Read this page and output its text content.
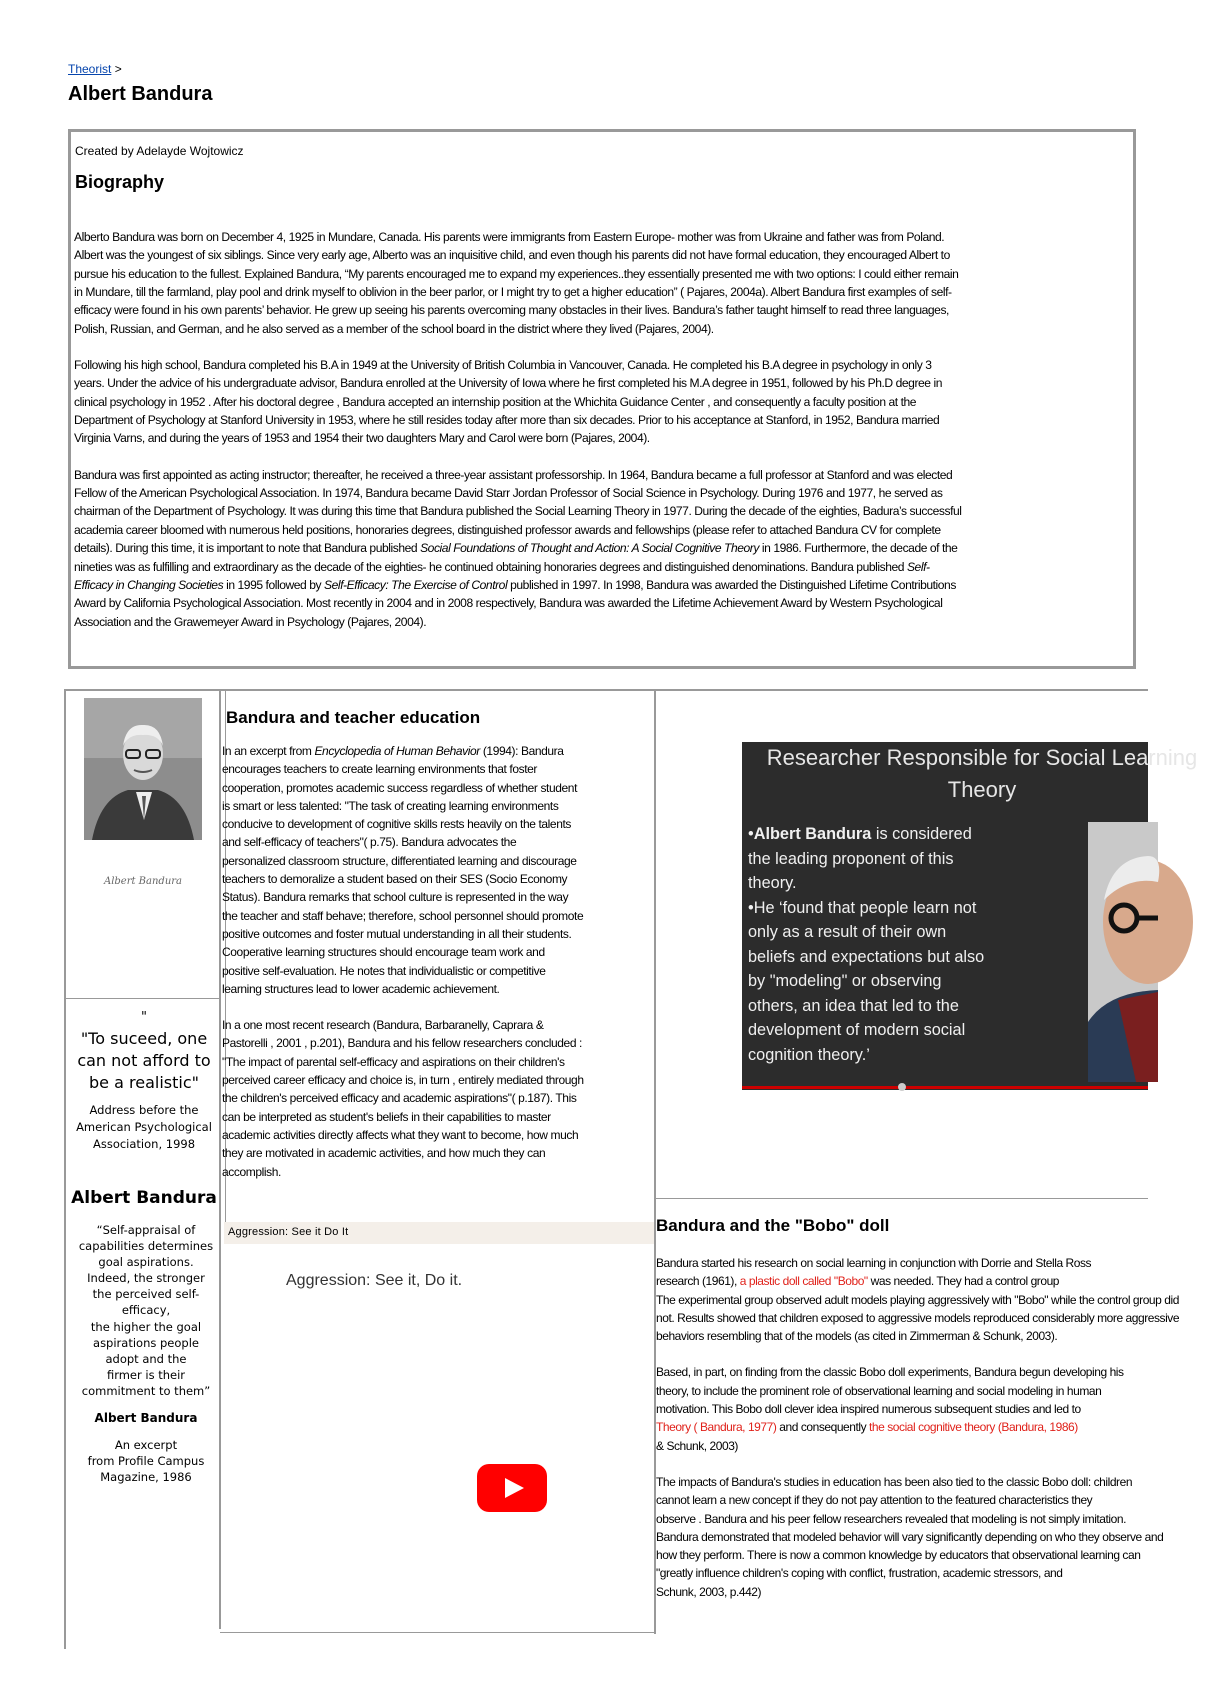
Theorist >
Albert Bandura
Created by Adelayde Wojtowicz
Biography

Alberto Bandura was born on December 4, 1925 in Mundare, Canada. His parents were immigrants from Eastern Europe- mother was from Ukraine and father was from Poland.
Albert was the youngest of six siblings. Since very early age, Alberto was an inquisitive child, and even though his parents did not have formal education, they encouraged Albert to
pursue his education to the fullest. Explained Bandura, “My parents encouraged me to expand my experiences..they essentially presented me with two options: I could either remain
in Mundare, till the farmland, play pool and drink myself to oblivion in the beer parlor, or I might try to get a higher education” ( Pajares, 2004a). Albert Bandura first examples of self-
efficacy were found in his own parents’ behavior. He grew up seeing his parents overcoming many obstacles in their lives. Bandura’s father taught himself to read three languages,
Polish, Russian, and German, and he also served as a member of the school board in the district where they lived (Pajares, 2004).

Following his high school, Bandura completed his B.A in 1949 at the University of British Columbia in Vancouver, Canada. He completed his B.A degree in psychology in only 3
years. Under the advice of his undergraduate advisor, Bandura enrolled at the University of Iowa where he first completed his M.A degree in 1951, followed by his Ph.D degree in
clinical psychology in 1952 . After his doctoral degree , Bandura accepted an internship position at the Whichita Guidance Center , and consequently a faculty position at the
Department of Psychology at Stanford University in 1953, where he still resides today after more than six decades. Prior to his acceptance at Stanford, in 1952, Bandura married
Virginia Varns, and during the years of 1953 and 1954 their two daughters Mary and Carol were born (Pajares, 2004).

Bandura was first appointed as acting instructor; thereafter, he received a three-year assistant professorship. In 1964, Bandura became a full professor at Stanford and was elected
Fellow of the American Psychological Association. In 1974, Bandura became David Starr Jordan Professor of Social Science in Psychology. During 1976 and 1977, he served as
chairman of the Department of Psychology. It was during this time that Bandura published the Social Learning Theory in 1977. During the decade of the eighties, Badura’s successful
academia career bloomed with numerous held positions, honoraries degrees, distinguished professor awards and fellowships (please refer to attached Bandura CV for complete
details). During this time, it is important to note that Bandura published Social Foundations of Thought and Action: A Social Cognitive Theory in 1986. Furthermore, the decade of the
nineties was as fulfilling and extraordinary as the decade of the eighties- he continued obtaining honoraries degrees and distinguished denominations. Bandura published Self-
Efficacy in Changing Societies in 1995 followed by Self-Efficacy: The Exercise of Control published in 1997. In 1998, Bandura was awarded the Distinguished Lifetime Contributions
Award by California Psychological Association. Most recently in 2004 and in 2008 respectively, Bandura was awarded the Lifetime Achievement Award by Western Psychological
Association and the Grawemeyer Award in Psychology (Pajares, 2004).

Albert Bandura
"
"To suceed, one
can not afford to
be a realistic"
Address before the
American Psychological
Association, 1998
Albert Bandura
“Self-appraisal of
capabilities determines
goal aspirations.
Indeed, the stronger
the perceived self-
efficacy,
the higher the goal
aspirations people
adopt and the
firmer is their
commitment to them”
Albert Bandura
An excerpt
from Profile Campus
Magazine, 1986
Bandura and teacher education

In an excerpt from Encyclopedia of Human Behavior (1994): Bandura
encourages teachers to create learning environments that foster
cooperation, promotes academic success regardless of whether student
is smart or less talented: "The task of creating learning environments
conducive to development of cognitive skills rests heavily on the talents
and self-efficacy of teachers"( p.75). Bandura advocates the
personalized classroom structure, differentiated learning and discourage
teachers to demoralize a student based on their SES (Socio Economy
Status). Bandura remarks that school culture is represented in the way
the teacher and staff behave; therefore, school personnel should promote
positive outcomes and foster mutual understanding in all their students.
Cooperative learning structures should encourage team work and
positive self-evaluation. He notes that individualistic or competitive
learning structures lead to lower academic achievement.

In a one most recent research (Bandura, Barbaranelly, Caprara &
Pastorelli , 2001 , p.201), Bandura and his fellow researchers concluded :
"The impact of parental self-efficacy and aspirations on their children's
perceived career efficacy and choice is, in turn , entirely mediated through
the children's perceived efficacy and academic aspirations"( p.187). This
can be interpreted as student's beliefs in their capabilities to master
academic activities directly affects what they want to become, how much
they are motivated in academic activities, and how much they can
accomplish.

Researcher Responsible for Social Learning
Theory
•Albert Bandura is considered
the leading proponent of this
theory.
•He ‘found that people learn not
only as a result of their own
beliefs and expectations but also
by "modeling" or observing
others, an idea that led to the
development of modern social
cognition theory.’
Aggression: See it Do It
Aggression: See it, Do it.
Bandura and the "Bobo" doll

Bandura started his research on social learning in conjunction with Dorrie and Stella Ross
research (1961), a plastic doll called "Bobo" was needed. They had a control group
The experimental group observed adult models playing aggressively with "Bobo" while the control group did
not. Results showed that children exposed to aggressive models reproduced considerably more aggressive
behaviors resembling that of the models (as cited in Zimmerman & Schunk, 2003).

Based, in part, on finding from the classic Bobo doll experiments, Bandura begun developing his
theory, to include the prominent role of observational learning and social modeling in human
motivation. This Bobo doll clever idea inspired numerous subsequent studies and led to
Theory ( Bandura, 1977) and consequently the social cognitive theory (Bandura, 1986)
& Schunk, 2003)

The impacts of Bandura's studies in education has been also tied to the classic Bobo doll: children
cannot learn a new concept if they do not pay attention to the featured characteristics they
observe . Bandura and his peer fellow researchers revealed that modeling is not simply imitation.
Bandura demonstrated that modeled behavior will vary significantly depending on who they observe and
how they perform. There is now a common knowledge by educators that observational learning can
"greatly influence children's coping with conflict, frustration, academic stressors, and
Schunk, 2003, p.442)
